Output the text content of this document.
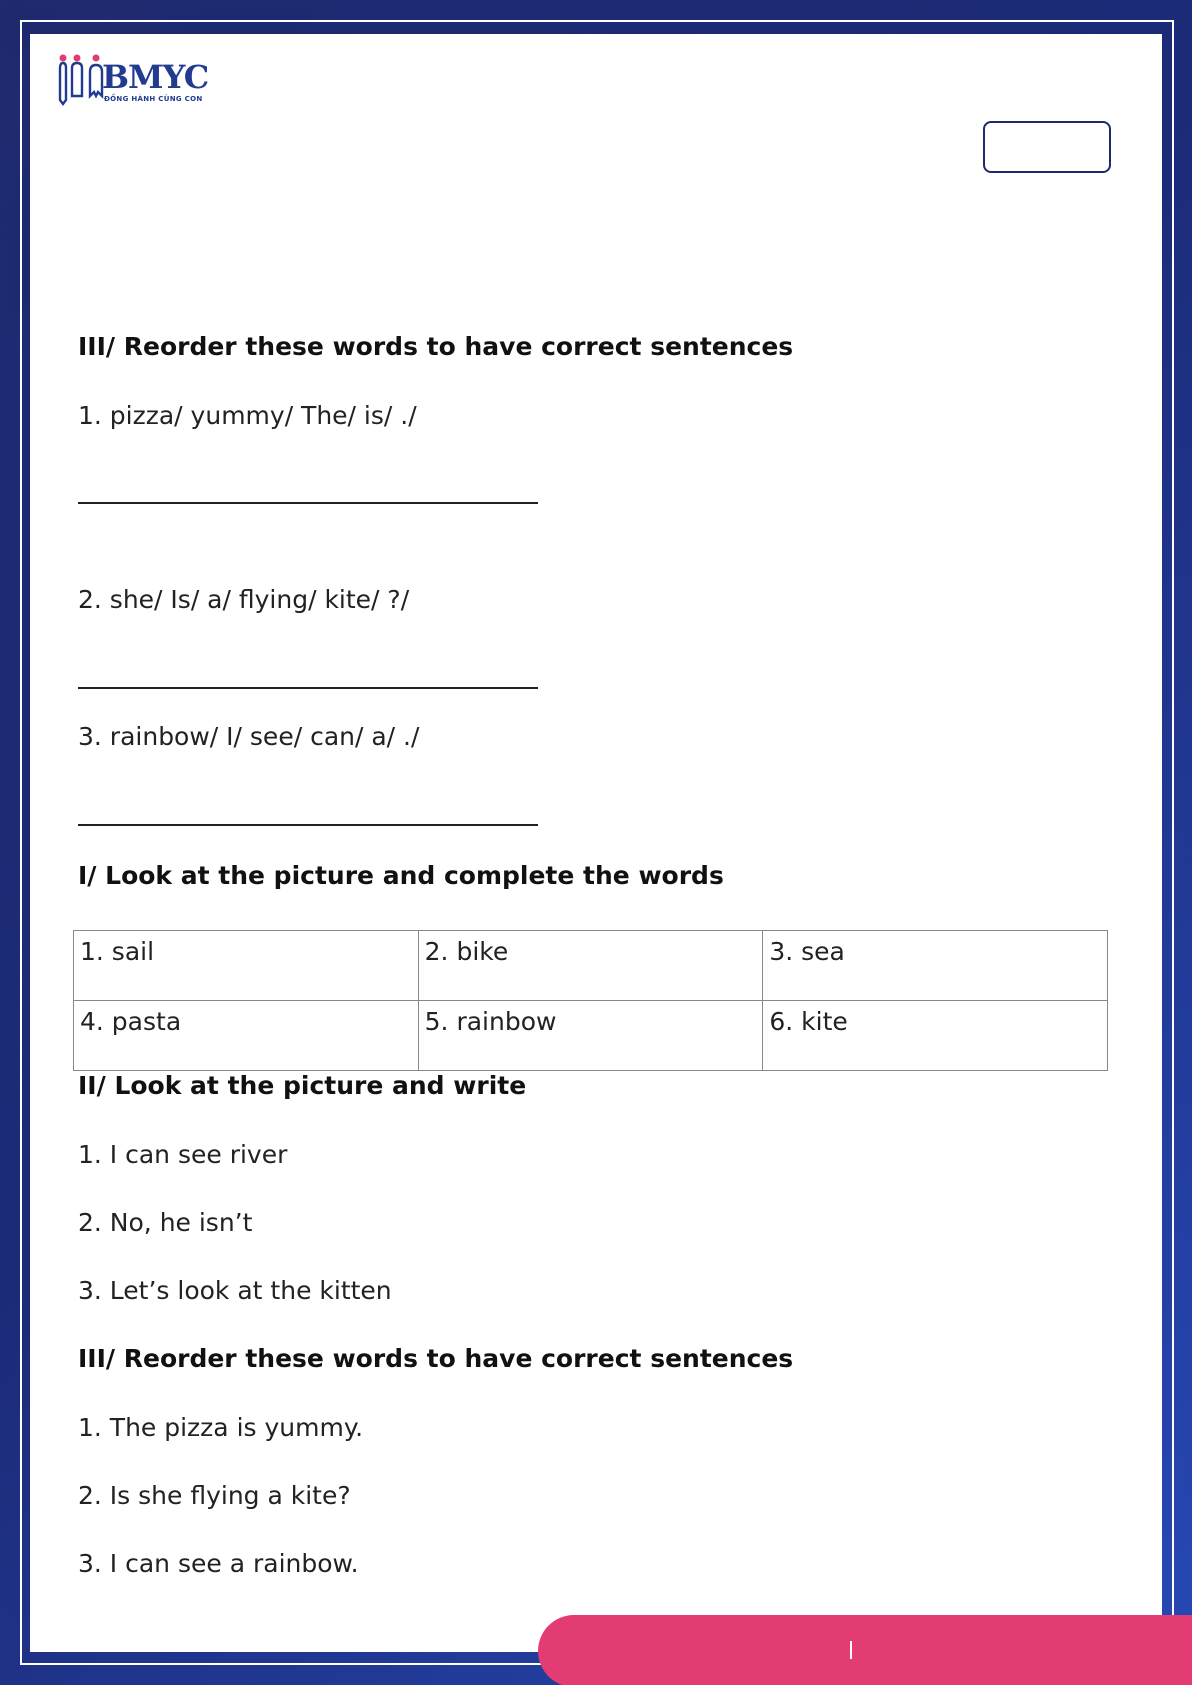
BMYC
ĐỒNG HÀNH CÙNG CON
III/ Reorder these words to have correct sentences
1. pizza/ yummy/ The/ is/ ./
2. she/ Is/ a/ flying/ kite/ ?/
3. rainbow/ I/ see/ can/ a/ ./
I/ Look at the picture and complete the words
1. sail	2. bike	3. sea
4. pasta	5. rainbow	6. kite
II/ Look at the picture and write
1. I can see river
2. No, he isn’t
3. Let’s look at the kitten
III/ Reorder these words to have correct sentences
1. The pizza is yummy.
2. Is she flying a kite?
3. I can see a rainbow.
